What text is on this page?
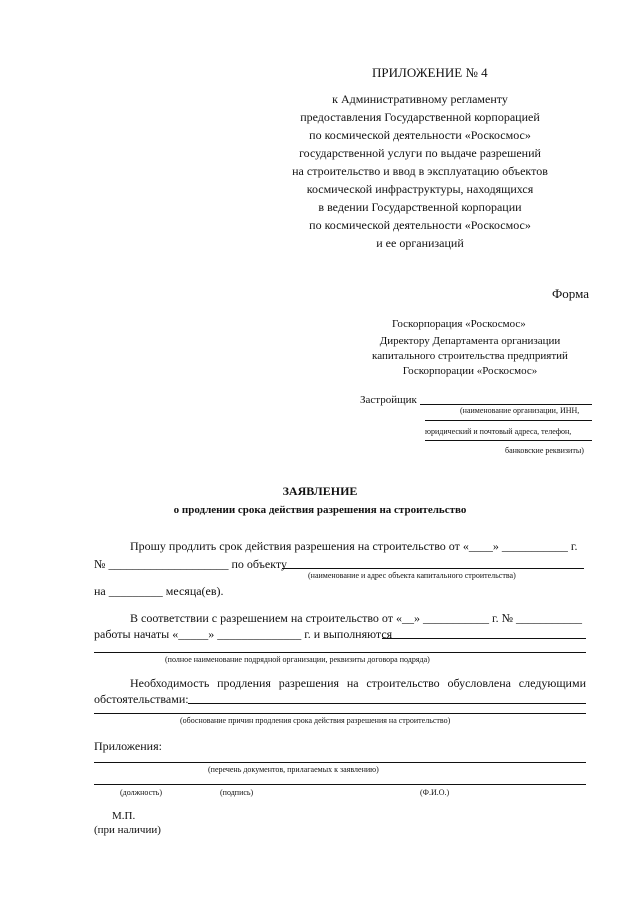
ПРИЛОЖЕНИЕ № 4
к Административному регламенту
предоставления Государственной корпорацией
по космической деятельности «Роскосмос»
государственной услуги по выдаче разрешений
на строительство и ввод в эксплуатацию объектов
космической инфраструктуры, находящихся
в ведении Государственной корпорации
по космической деятельности «Роскосмос»
и ее организаций
Форма
Госкорпорация «Роскосмос»
Директору Департамента организации
капитального строительства предприятий
Госкорпорации «Роскосмос»
Застройщик
(наименование организации, ИНН,
юридический и почтовый адреса, телефон,
банковские реквизиты)
ЗАЯВЛЕНИЕ
о продлении срока действия разрешения на строительство
Прошу продлить срок действия разрешения на строительство от «____» ___________ г.
№ ____________________ по объекту
(наименование и адрес объекта капитального строительства)
на _________ месяца(ев).
В соответствии с разрешением на строительство от «__» ___________ г. № ___________
работы начаты «_____» ______________ г. и выполняются
(полное наименование подрядной организации, реквизиты договора подряда)
Необходимость продления разрешения на строительство обусловлена следующими
обстоятельствами:
(обоснование причин продления срока действия разрешения на строительство)
Приложения:
(перечень документов, прилагаемых к заявлению)
(должность)	(подпись)	(Ф.И.О.)
М.П.
(при наличии)
